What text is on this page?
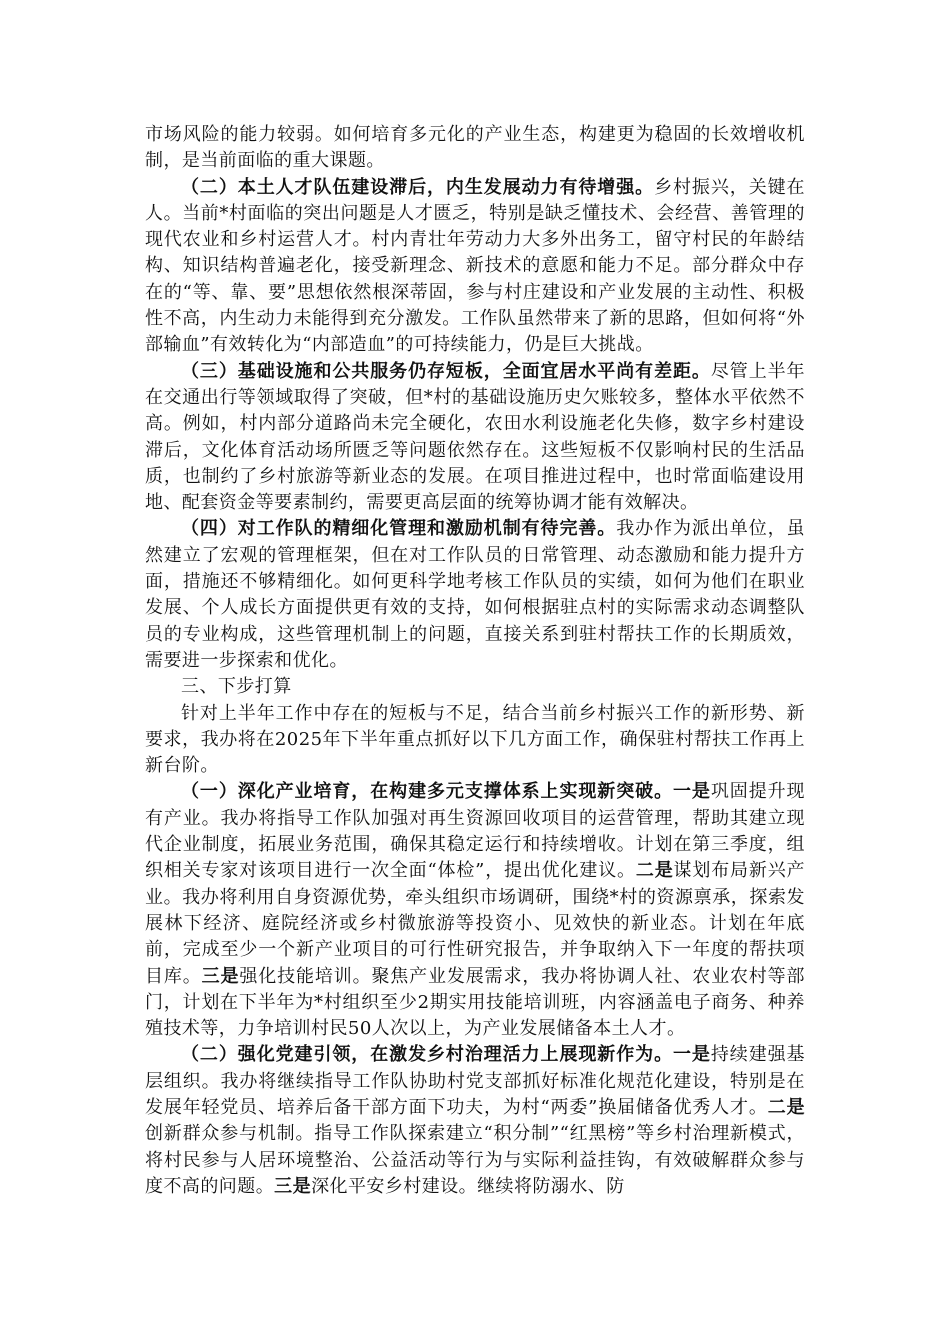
市场风险的能力较弱。如何培育多元化的产业生态，构建更为稳固的长效增收机制，是当前面临的重大课题。

（二）本土人才队伍建设滞后，内生发展动力有待增强。乡村振兴，关键在人。当前*村面临的突出问题是人才匮乏，特别是缺乏懂技术、会经营、善管理的现代农业和乡村运营人才。村内青壮年劳动力大多外出务工，留守村民的年龄结构、知识结构普遍老化，接受新理念、新技术的意愿和能力不足。部分群众中存在的“等、靠、要”思想依然根深蒂固，参与村庄建设和产业发展的主动性、积极性不高，内生动力未能得到充分激发。工作队虽然带来了新的思路，但如何将“外部输血”有效转化为“内部造血”的可持续能力，仍是巨大挑战。

（三）基础设施和公共服务仍存短板，全面宜居水平尚有差距。尽管上半年在交通出行等领域取得了突破，但*村的基础设施历史欠账较多，整体水平依然不高。例如，村内部分道路尚未完全硬化，农田水利设施老化失修，数字乡村建设滞后，文化体育活动场所匮乏等问题依然存在。这些短板不仅影响村民的生活品质，也制约了乡村旅游等新业态的发展。在项目推进过程中，也时常面临建设用地、配套资金等要素制约，需要更高层面的统筹协调才能有效解决。

（四）对工作队的精细化管理和激励机制有待完善。我办作为派出单位，虽然建立了宏观的管理框架，但在对工作队员的日常管理、动态激励和能力提升方面，措施还不够精细化。如何更科学地考核工作队员的实绩，如何为他们在职业发展、个人成长方面提供更有效的支持，如何根据驻点村的实际需求动态调整队员的专业构成，这些管理机制上的问题，直接关系到驻村帮扶工作的长期质效，需要进一步探索和优化。

三、下步打算

针对上半年工作中存在的短板与不足，结合当前乡村振兴工作的新形势、新要求，我办将在2025年下半年重点抓好以下几方面工作，确保驻村帮扶工作再上新台阶。

（一）深化产业培育，在构建多元支撑体系上实现新突破。一是巩固提升现有产业。我办将指导工作队加强对再生资源回收项目的运营管理，帮助其建立现代企业制度，拓展业务范围，确保其稳定运行和持续增收。计划在第三季度，组织相关专家对该项目进行一次全面“体检”，提出优化建议。二是谋划布局新兴产业。我办将利用自身资源优势，牵头组织市场调研，围绕*村的资源禀承，探索发展林下经济、庭院经济或乡村微旅游等投资小、见效快的新业态。计划在年底前，完成至少一个新产业项目的可行性研究报告，并争取纳入下一年度的帮扶项目库。三是强化技能培训。聚焦产业发展需求，我办将协调人社、农业农村等部门，计划在下半年为*村组织至少2期实用技能培训班，内容涵盖电子商务、种养殖技术等，力争培训村民50人次以上，为产业发展储备本土人才。

（二）强化党建引领，在激发乡村治理活力上展现新作为。一是持续建强基层组织。我办将继续指导工作队协助村党支部抓好标准化规范化建设，特别是在发展年轻党员、培养后备干部方面下功夫，为村“两委”换届储备优秀人才。二是创新群众参与机制。指导工作队探索建立“积分制”“红黑榜”等乡村治理新模式，将村民参与人居环境整治、公益活动等行为与实际利益挂钩，有效破解群众参与度不高的问题。三是深化平安乡村建设。继续将防溺水、防
